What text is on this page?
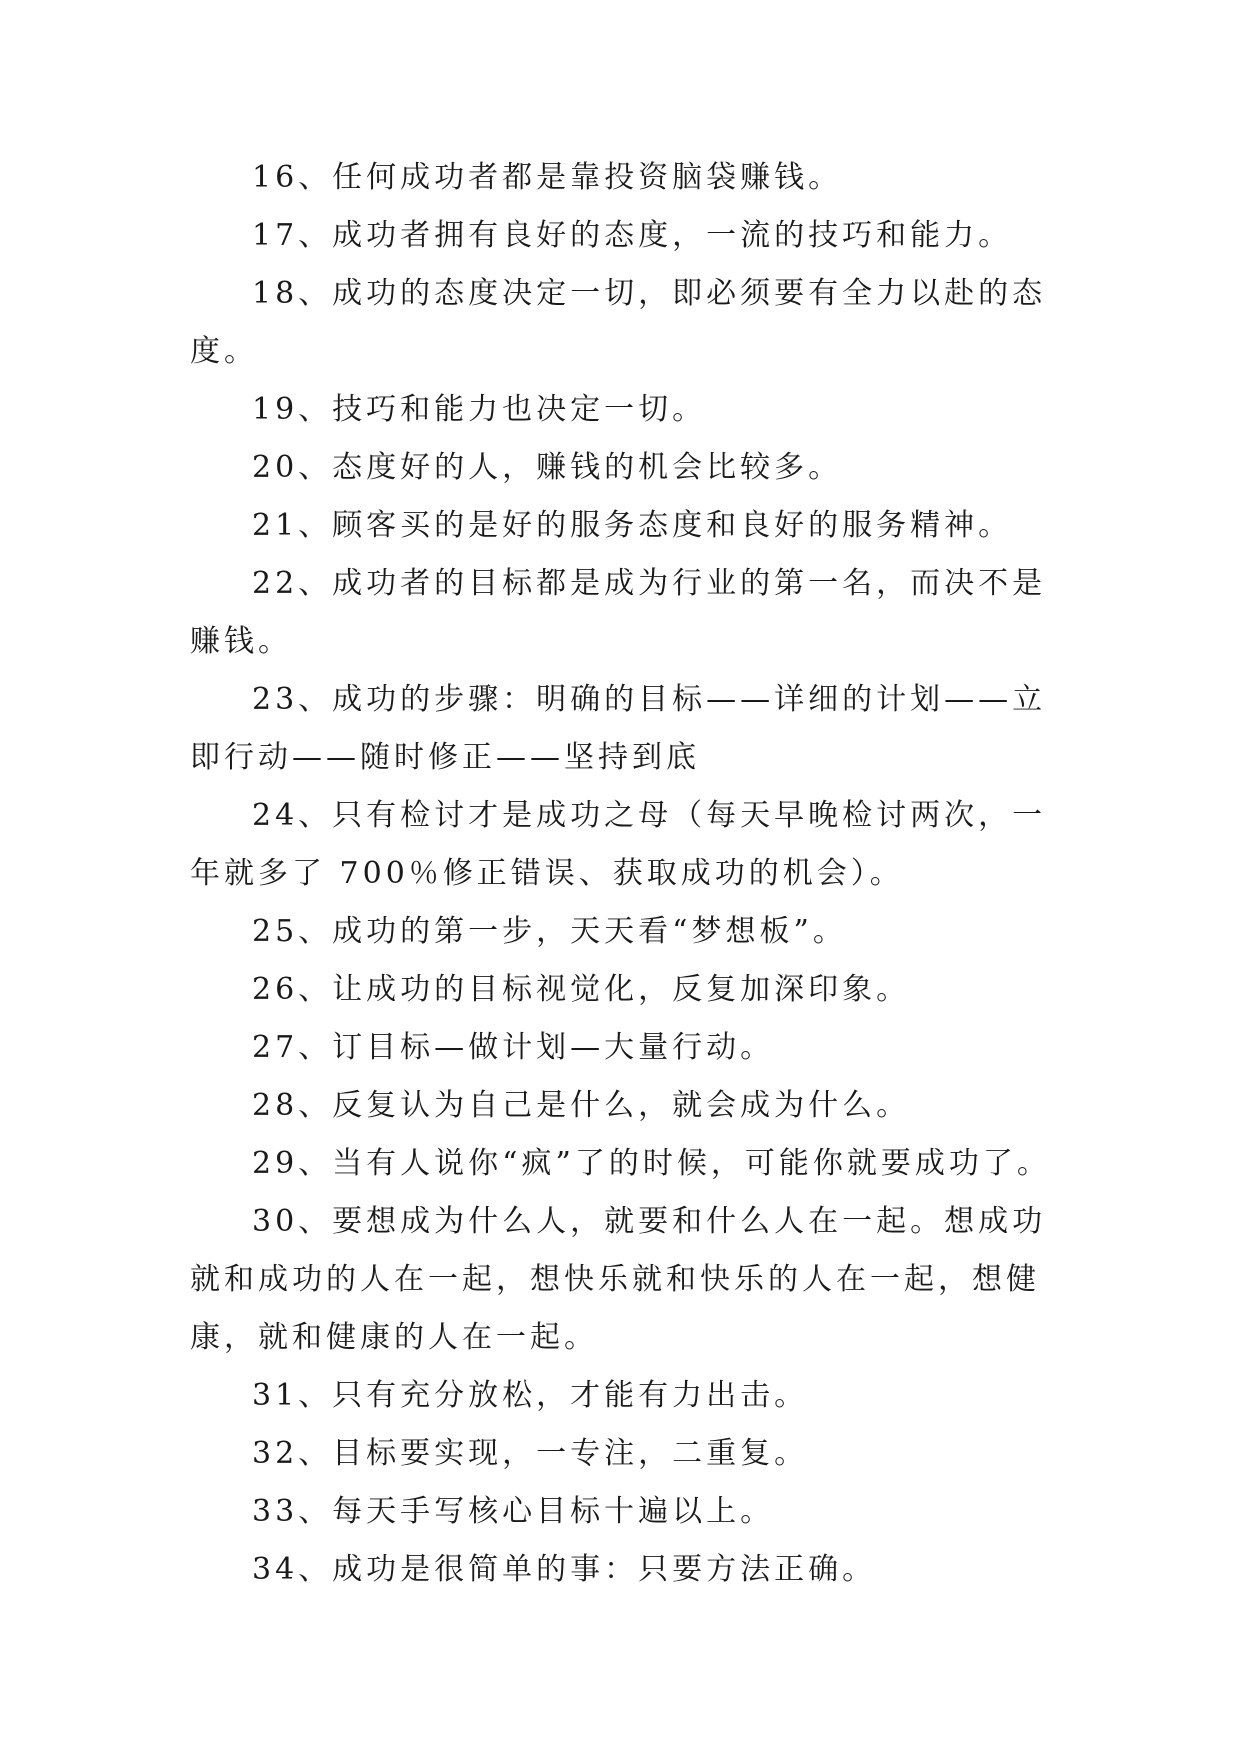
16、任何成功者都是靠投资脑袋赚钱。

17、成功者拥有良好的态度，一流的技巧和能力。

18、成功的态度决定一切，即必须要有全力以赴的态度。

19、技巧和能力也决定一切。

20、态度好的人，赚钱的机会比较多。

21、顾客买的是好的服务态度和良好的服务精神。

22、成功者的目标都是成为行业的第一名，而决不是赚钱。

23、成功的步骤：明确的目标——详细的计划——立即行动——随时修正——坚持到底

24、只有检讨才是成功之母（每天早晚检讨两次，一年就多了 700％修正错误、获取成功的机会）。

25、成功的第一步，天天看“梦想板”。

26、让成功的目标视觉化，反复加深印象。

27、订目标—做计划—大量行动。

28、反复认为自己是什么，就会成为什么。

29、当有人说你“疯”了的时候，可能你就要成功了。

30、要想成为什么人，就要和什么人在一起。想成功就和成功的人在一起，想快乐就和快乐的人在一起，想健康，就和健康的人在一起。

31、只有充分放松，才能有力出击。

32、目标要实现，一专注，二重复。

33、每天手写核心目标十遍以上。

34、成功是很简单的事：只要方法正确。
